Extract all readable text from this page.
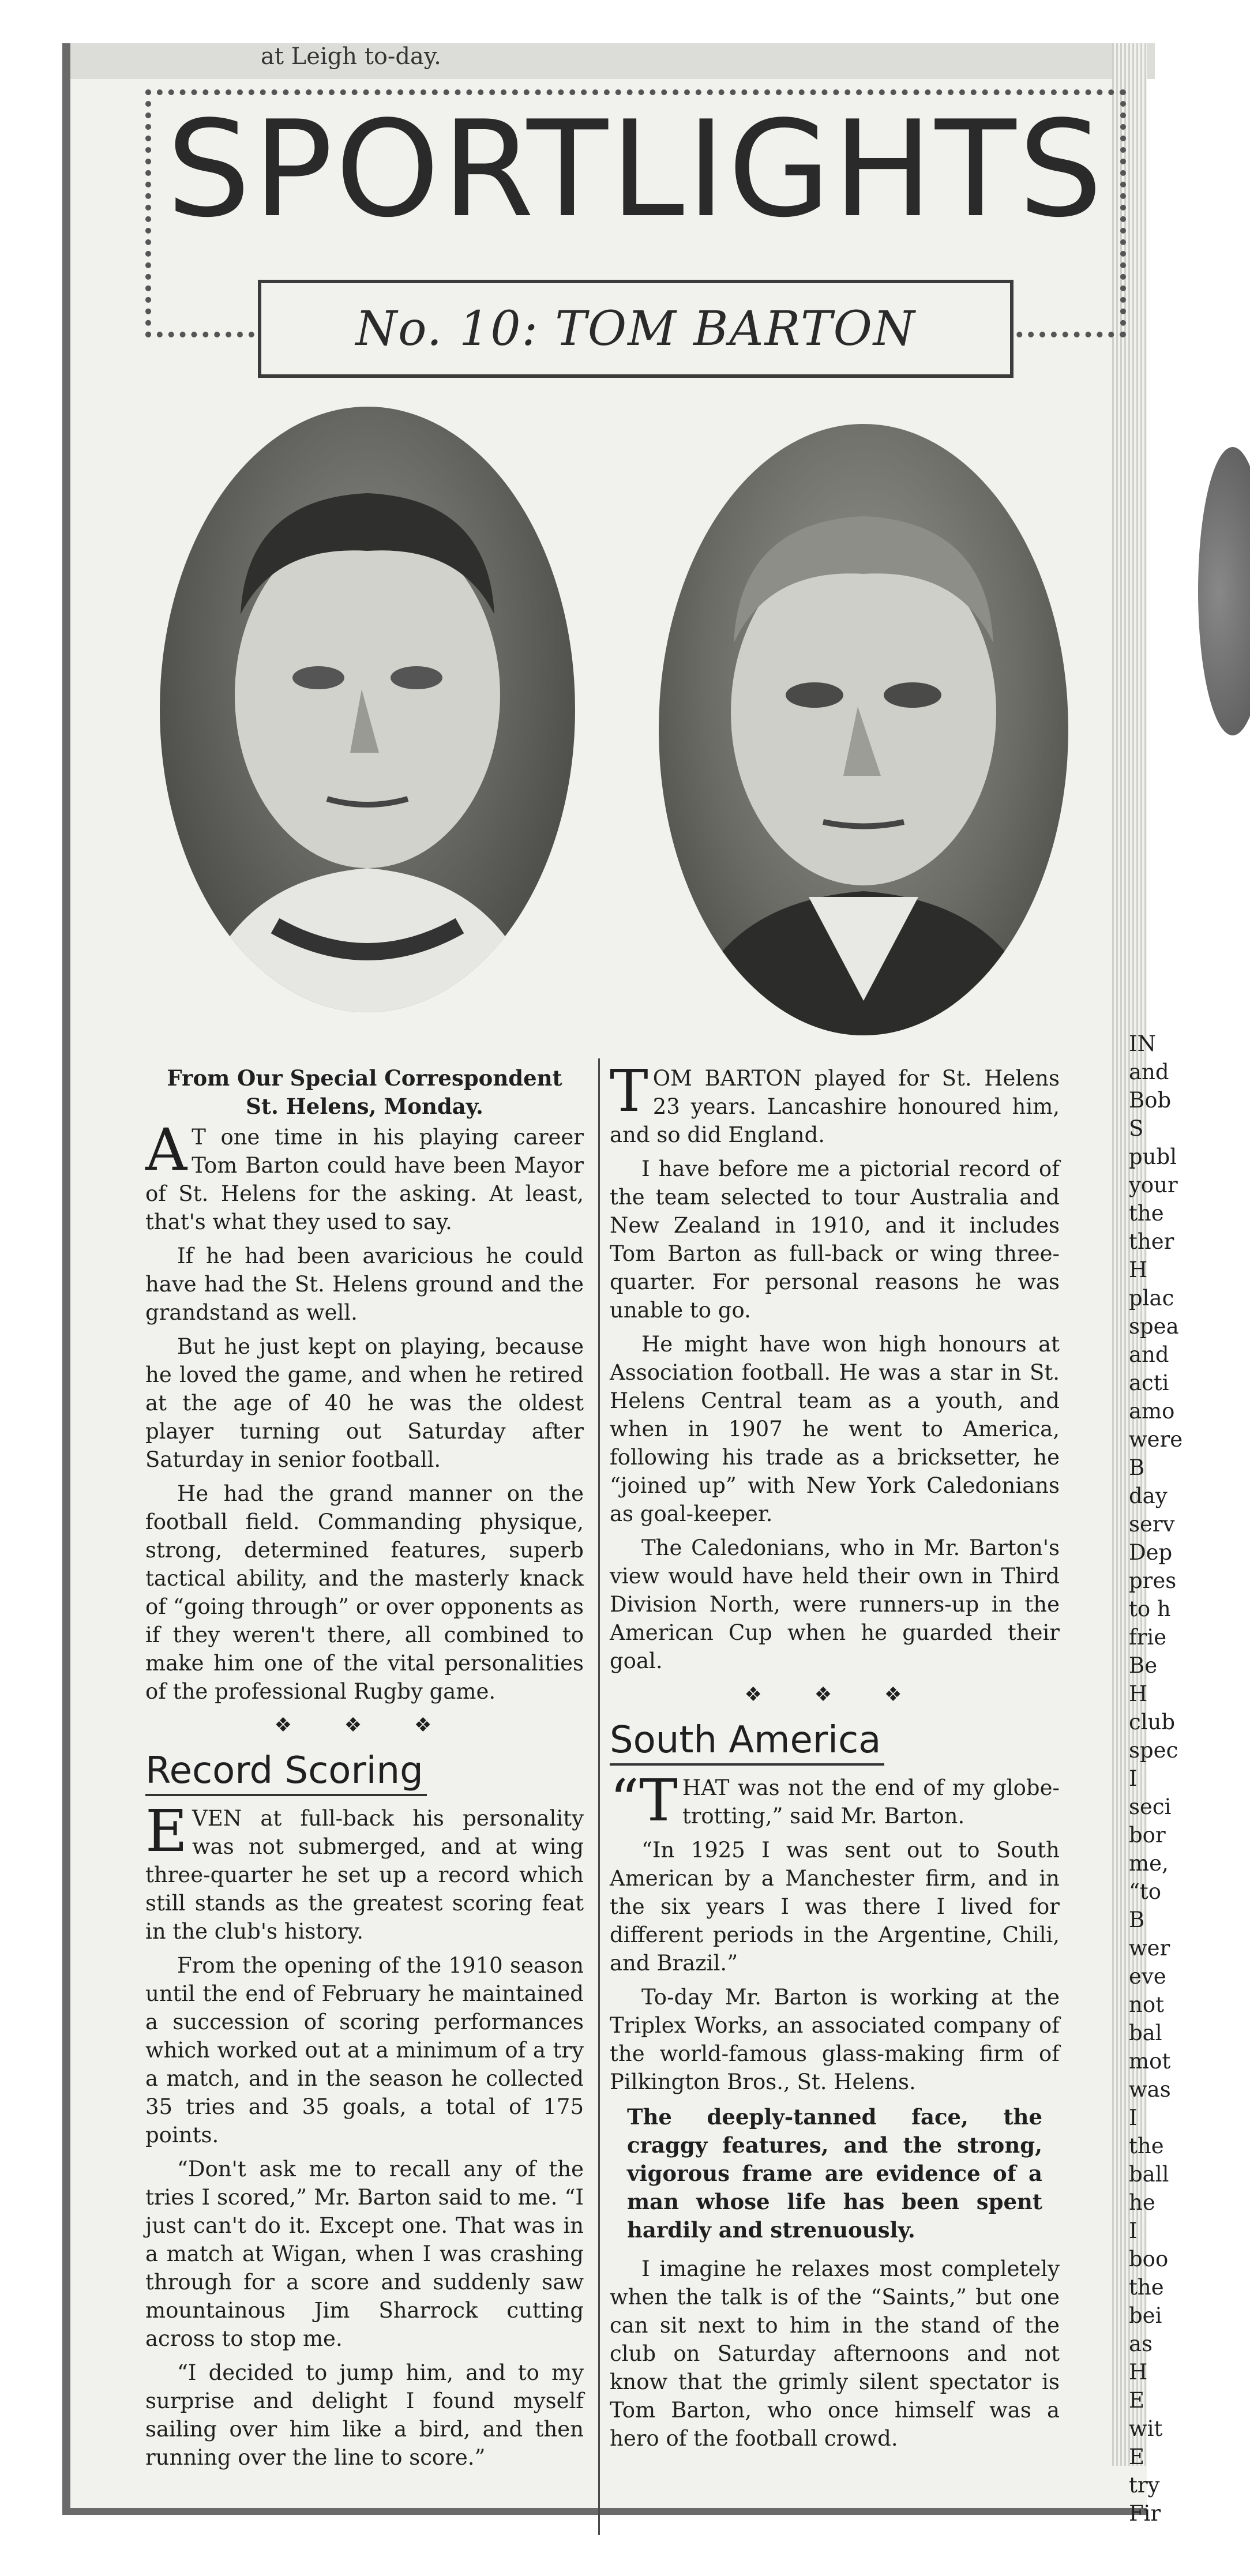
at Leigh to-day.
SPORTLIGHTS
No. 10: TOM BARTON
From Our Special Correspondent
St. Helens, Monday.

A T one time in his playing career Tom Barton could have been Mayor of St. Helens for the asking. At least, that's what they used to say.

If he had been avaricious he could have had the St. Helens ground and the grandstand as well.

But he just kept on playing, because he loved the game, and when he retired at the age of 40 he was the oldest player turning out Saturday after Saturday in senior football.

He had the grand manner on the football field. Commanding physique, strong, determined features, superb tactical ability, and the masterly knack of “going through” or over opponents as if they weren't there, all combined to make him one of the vital personalities of the professional Rugby game.

❖ ❖ ❖

Record Scoring

EVEN at full-back his personality was not submerged, and at wing three-quarter he set up a record which still stands as the greatest scoring feat in the club's history.

From the opening of the 1910 season until the end of February he maintained a succession of scoring performances which worked out at a minimum of a try a match, and in the season he collected 35 tries and 35 goals, a total of 175 points.

“Don't ask me to recall any of the tries I scored,” Mr. Barton said to me. “I just can't do it. Except one. That was in a match at Wigan, when I was crashing through for a score and suddenly saw mountainous Jim Sharrock cutting across to stop me.

“I decided to jump him, and to my surprise and delight I found myself sailing over him like a bird, and then running over the line to score.”

TOM BARTON played for St. Helens 23 years. Lancashire honoured him, and so did England.

I have before me a pictorial record of the team selected to tour Australia and New Zealand in 1910, and it includes Tom Barton as full-back or wing three-quarter. For personal reasons he was unable to go.

He might have won high honours at Association football. He was a star in St. Helens Central team as a youth, and when in 1907 he went to America, following his trade as a bricksetter, he “joined up” with New York Caledonians as goal-keeper.

The Caledonians, who in Mr. Barton's view would have held their own in Third Division North, were runners-up in the American Cup when he guarded their goal.

❖ ❖ ❖

South America

“THAT was not the end of my globe-trotting,” said Mr. Barton.

“In 1925 I was sent out to South American by a Manchester firm, and in the six years I was there I lived for different periods in the Argentine, Chili, and Brazil.”

To-day Mr. Barton is working at the Triplex Works, an associated company of the world-famous glass-making firm of Pilkington Bros., St. Helens.

The deeply-tanned face, the craggy features, and the strong, vigorous frame are evidence of a man whose life has been spent hardily and strenuously.

I imagine he relaxes most completely when the talk is of the “Saints,” but one can sit next to him in the stand of the club on Saturday afternoons and not know that the grimly silent spectator is Tom Barton, who once himself was a hero of the football crowd.

IN
and
Bob
S
publ
your
the
ther
H
plac
spea
and
acti
amo
were
B
day
serv
Dep
pres
to h
frie
Be
H
club
spec
I
seci
bor
me,
“to
B
wer
eve
not
bal
mot
was
I
the
ball
he
I
boo
the
bei
as
H
E
wit
E
try
Fir
